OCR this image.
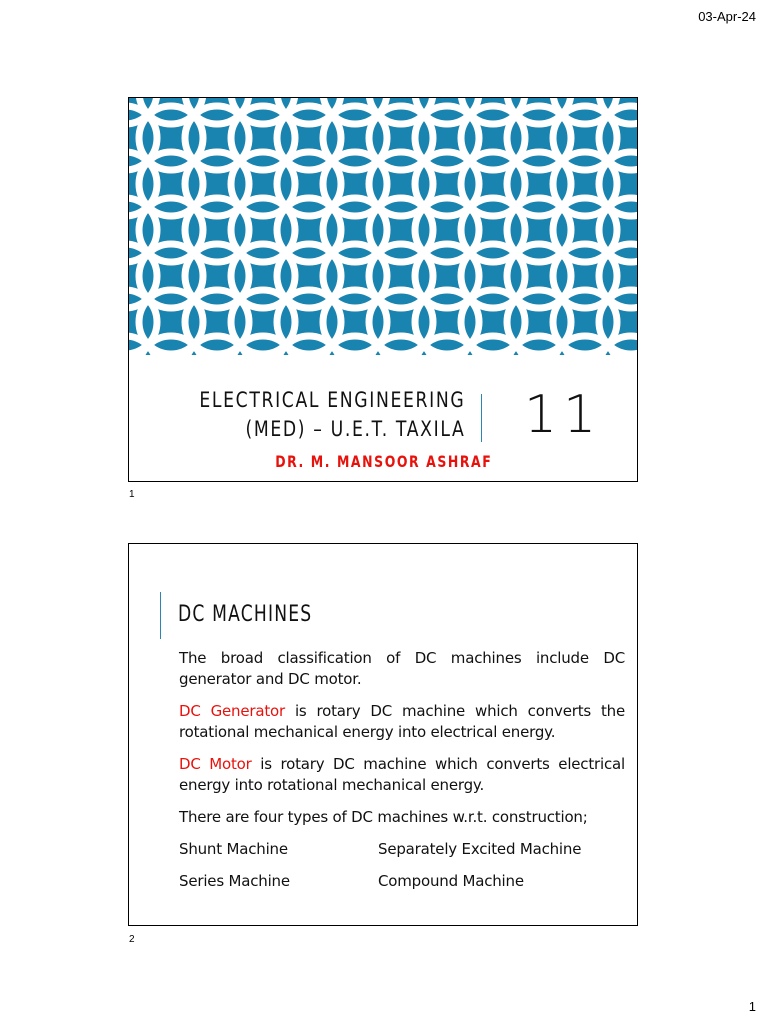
03-Apr-24
ELECTRICAL ENGINEERING
(MED) – U.E.T. TAXILA 11
DR. M. MANSOOR ASHRAF
1
DC MACHINES

The broad classification of DC machines include DC generator and DC motor.

DC Generator is rotary DC machine which converts the rotational mechanical energy into electrical energy.

DC Motor is rotary DC machine which converts electrical energy into rotational mechanical energy.

There are four types of DC machines w.r.t. construction;

Shunt Machine	Separately Excited Machine
Series Machine	Compound Machine
2
1
